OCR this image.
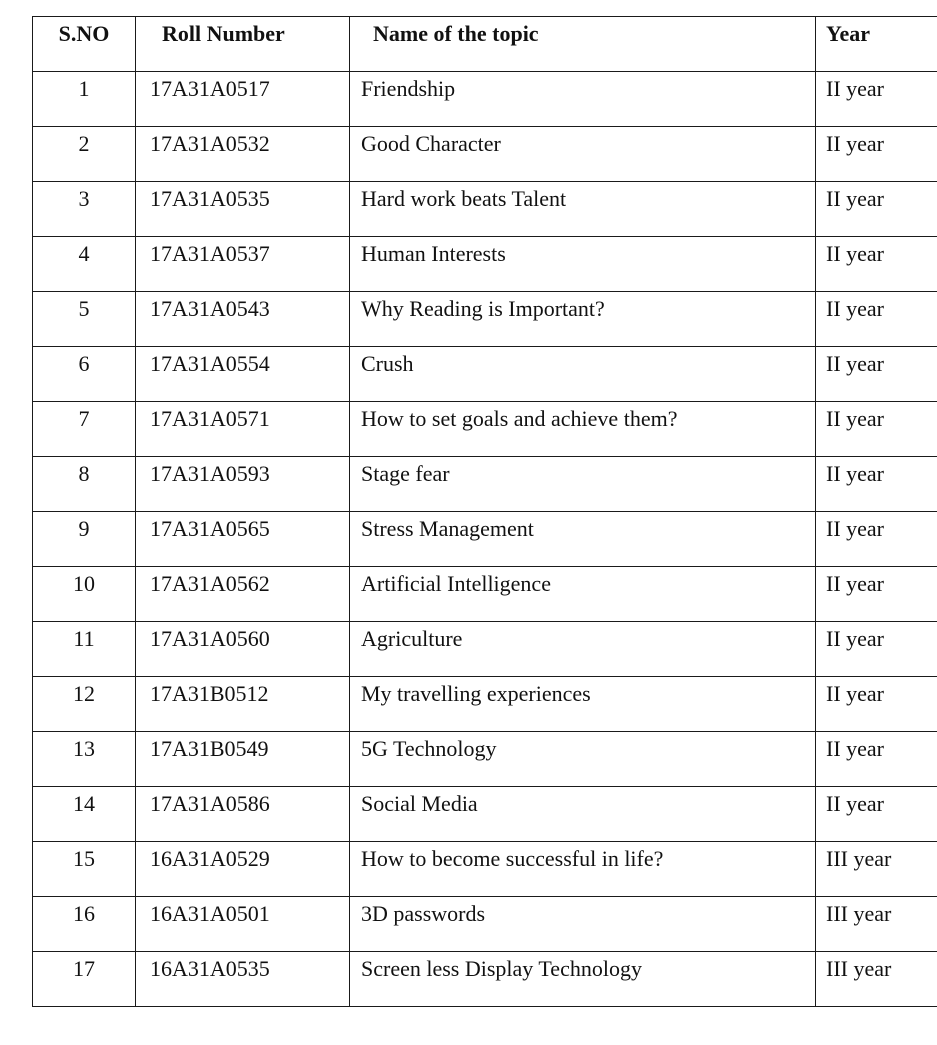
S.NO	Roll Number	Name of the topic	Year
1	17A31A0517	Friendship	II year
2	17A31A0532	Good Character	II year
3	17A31A0535	Hard work beats Talent	II year
4	17A31A0537	Human Interests	II year
5	17A31A0543	Why Reading is Important?	II year
6	17A31A0554	Crush	II year
7	17A31A0571	How to set goals and achieve them?	II year
8	17A31A0593	Stage fear	II year
9	17A31A0565	Stress Management	II year
10	17A31A0562	Artificial Intelligence	II year
11	17A31A0560	Agriculture	II year
12	17A31B0512	My travelling experiences	II year
13	17A31B0549	5G Technology	II year
14	17A31A0586	Social Media	II year
15	16A31A0529	How to become successful in life?	III year
16	16A31A0501	3D passwords	III year
17	16A31A0535	Screen less Display Technology	III year
